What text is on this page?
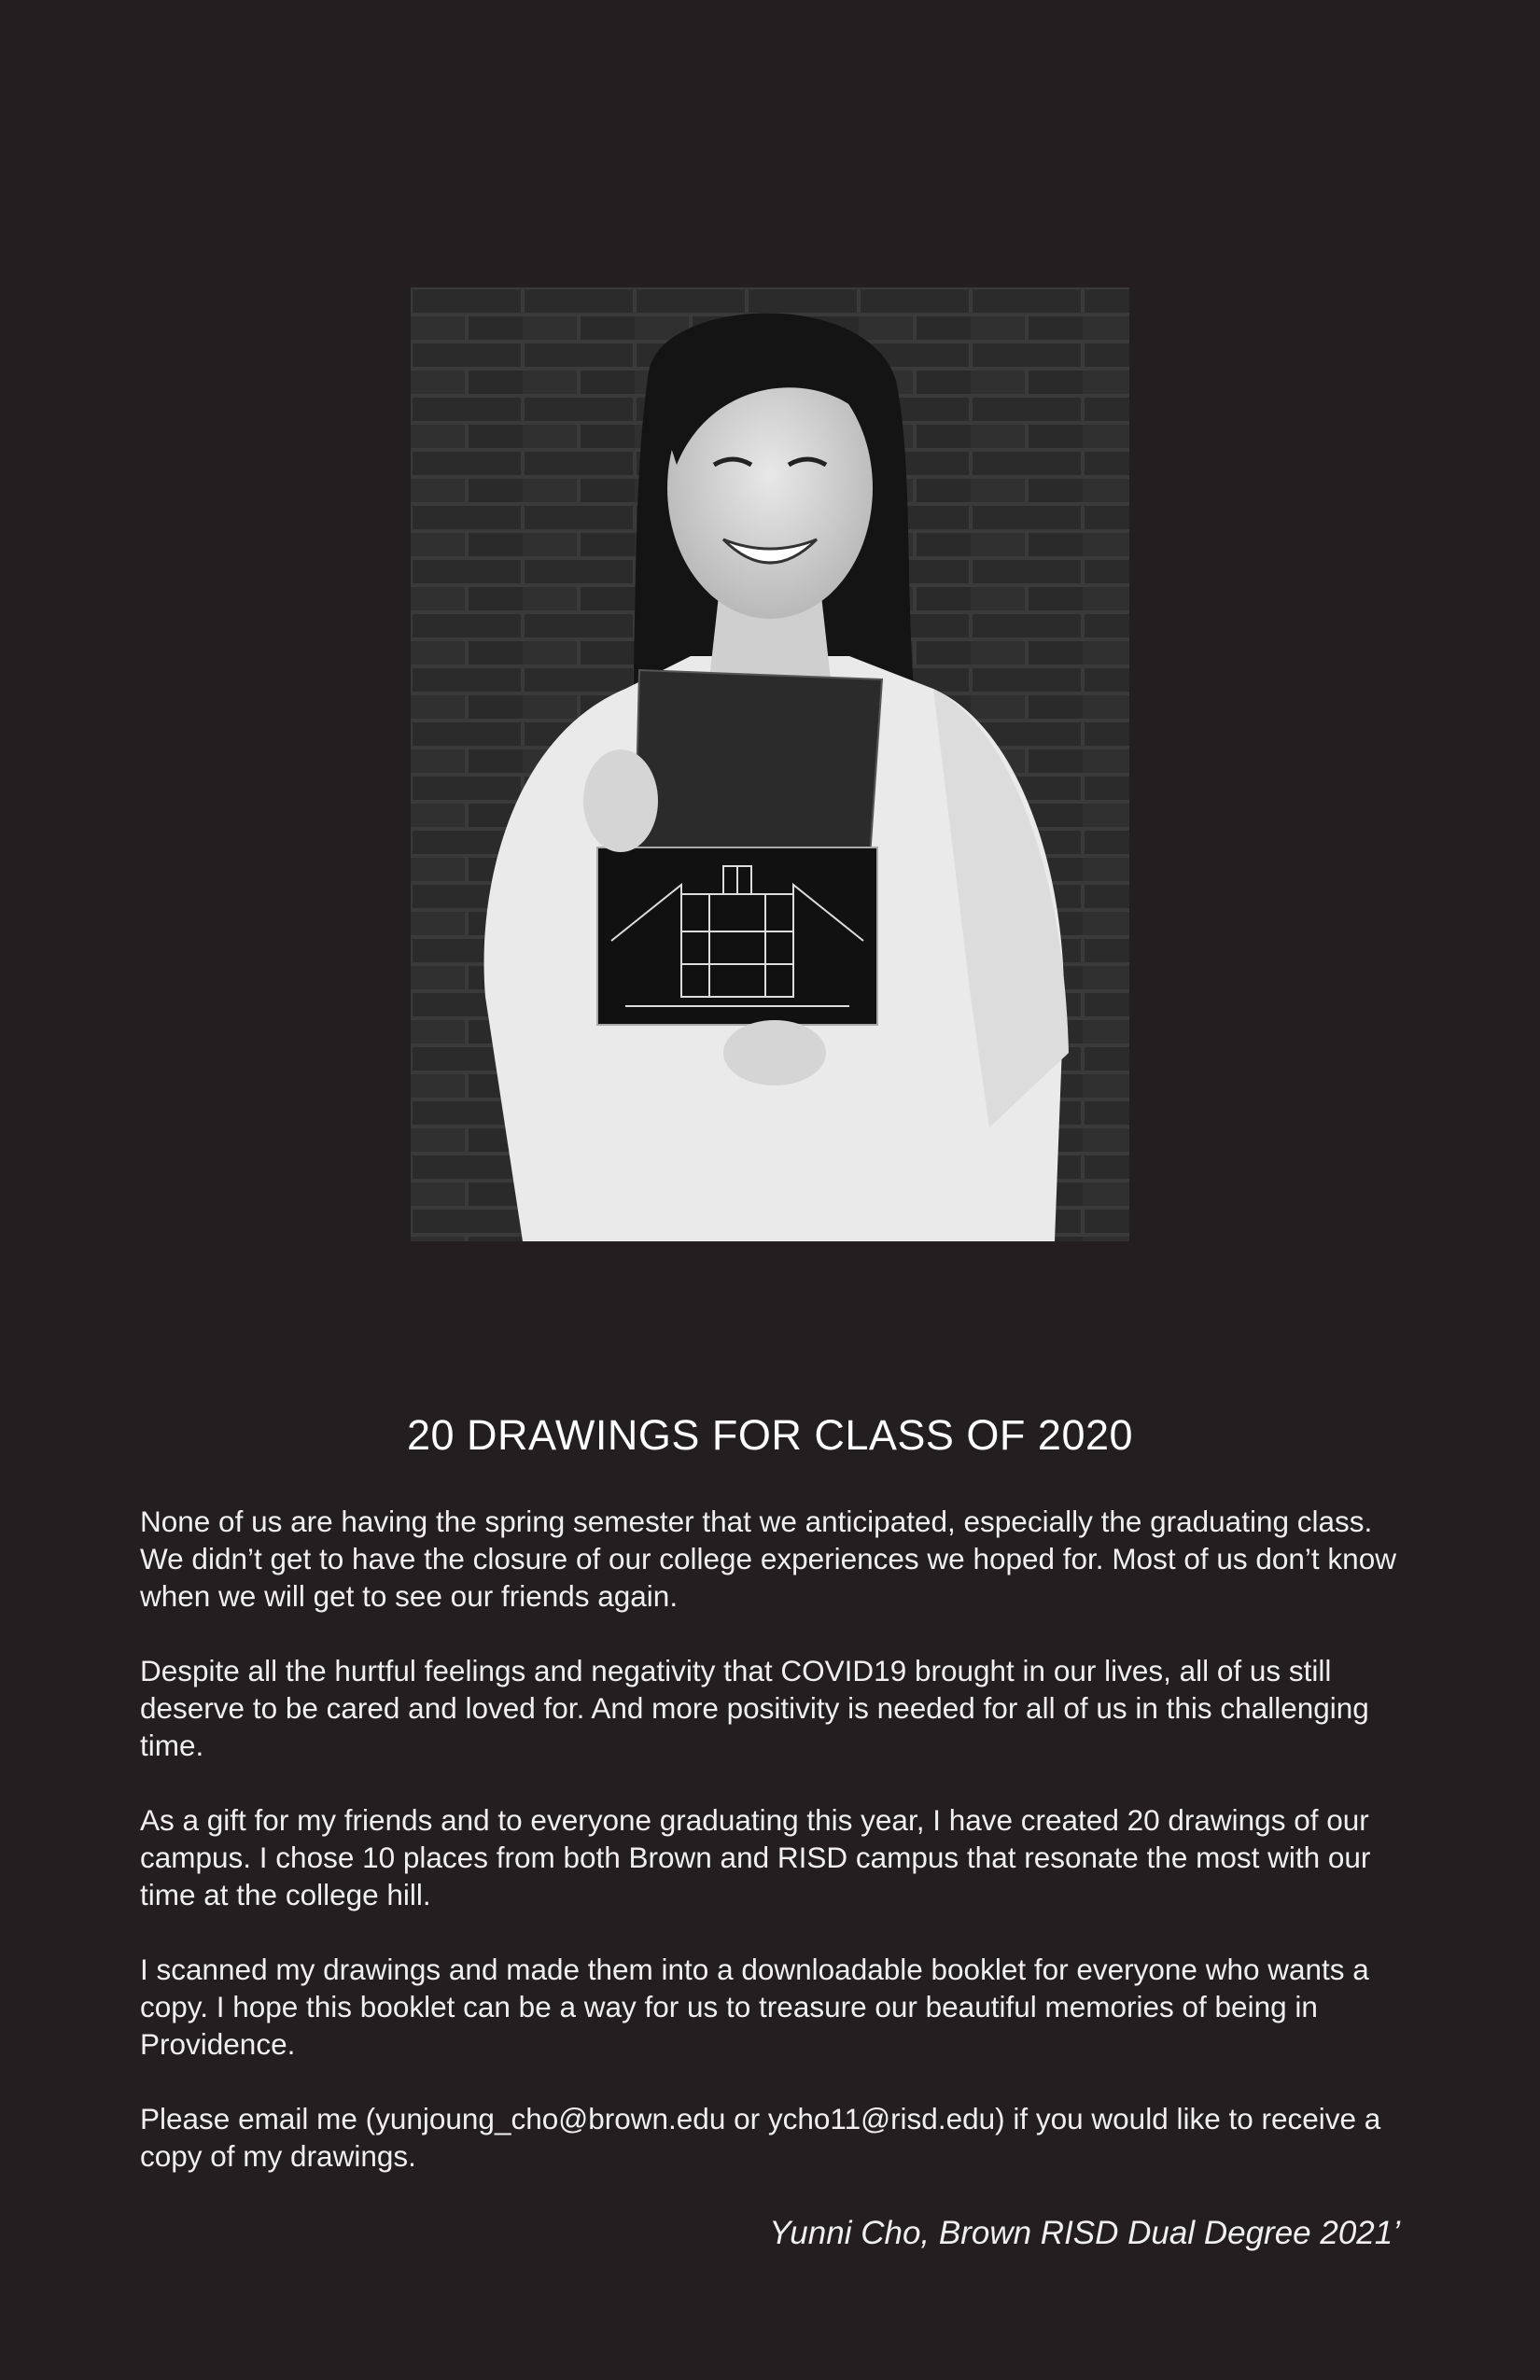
20 DRAWINGS FOR CLASS OF 2020

None of us are having the spring semester that we anticipated, especially the graduating class. We didn’t get to have the closure of our college experiences we hoped for. Most of us don’t know when we will get to see our friends again.

Despite all the hurtful feelings and negativity that COVID19 brought in our lives, all of us still deserve to be cared and loved for. And more positivity is needed for all of us in this challenging time.

As a gift for my friends and to everyone graduating this year, I have created 20 drawings of our campus. I chose 10 places from both Brown and RISD campus that resonate the most with our time at the college hill.

I scanned my drawings and made them into a downloadable booklet for everyone who wants a copy. I hope this booklet can be a way for us to treasure our beautiful memories of being in Providence.

Please email me (yunjoung_cho@brown.edu or ycho11@risd.edu) if you would like to receive a copy of my drawings.

Yunni Cho, Brown RISD Dual Degree 2021’
